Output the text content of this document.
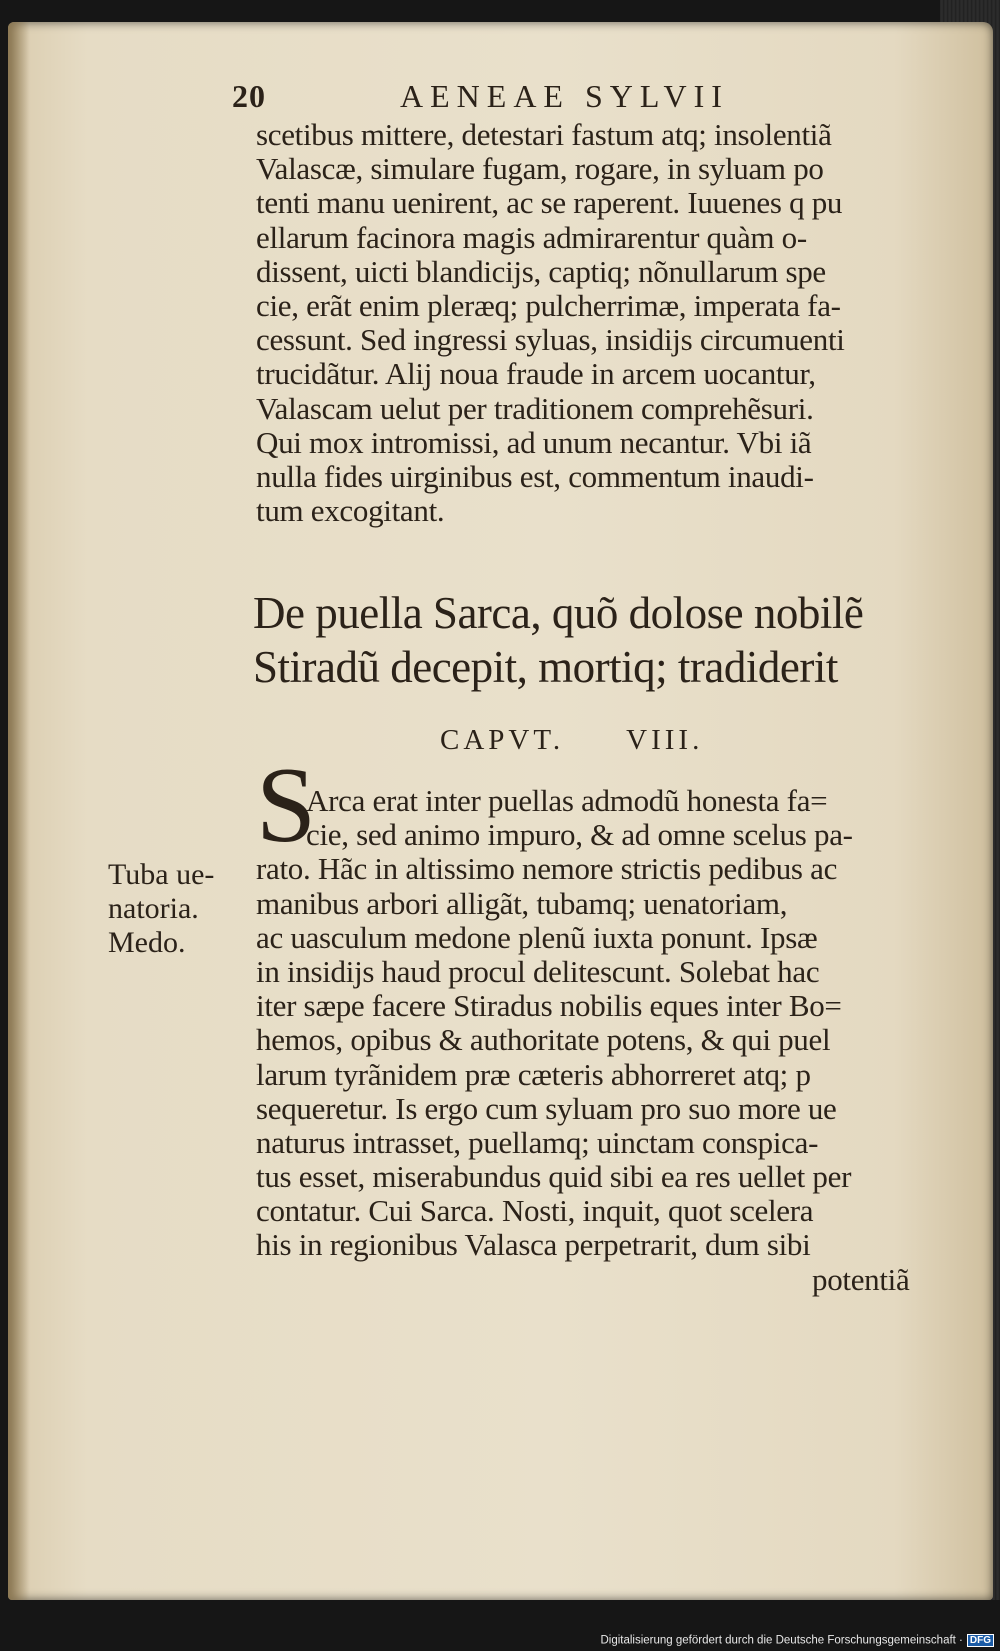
20	AENEAE SYLVII
scetibus mittere, detestari fastum atq; insolentiã
Valascæ, simulare fugam, rogare, in syluam po
tenti manu uenirent, ac se raperent. Iuuenes q pu
ellarum facinora magis admirarentur quàm o-
dissent, uicti blandicijs, captiq; nõnullarum spe
cie, erãt enim pleræq; pulcherrimæ, imperata fa-
cessunt. Sed ingressi syluas, insidijs circumuenti
trucidãtur. Alij noua fraude in arcem uocantur,
Valascam uelut per traditionem comprehẽsuri.
Qui mox intromissi, ad unum necantur. Vbi iã
nulla fides uirginibus est, commentum inaudi-
tum excogitant.
De puella Sarca, quõ dolose nobilẽ
Stiradũ decepit, mortiq; tradiderit
CAPVT. VIII.
S
Arca erat inter puellas admodũ honesta fa=
cie, sed animo impuro, & ad omne scelus pa-
rato. Hãc in altissimo nemore strictis pedibus ac
manibus arbori alligãt, tubamq; uenatoriam,
ac uasculum medone plenũ iuxta ponunt. Ipsæ
in insidijs haud procul delitescunt. Solebat hac
iter sæpe facere Stiradus nobilis eques inter Bo=
hemos, opibus & authoritate potens, & qui puel
larum tyrãnidem præ cæteris abhorreret atq; p
sequeretur. Is ergo cum syluam pro suo more ue
naturus intrasset, puellamq; uinctam conspica-
tus esset, miserabundus quid sibi ea res uellet per
contatur. Cui Sarca. Nosti, inquit, quot scelera
his in regionibus Valasca perpetrarit, dum sibi
potentiã
Tuba ue-
natoria.
Medo.
Digitalisierung gefördert durch die Deutsche Forschungsgemeinschaft · DFG
